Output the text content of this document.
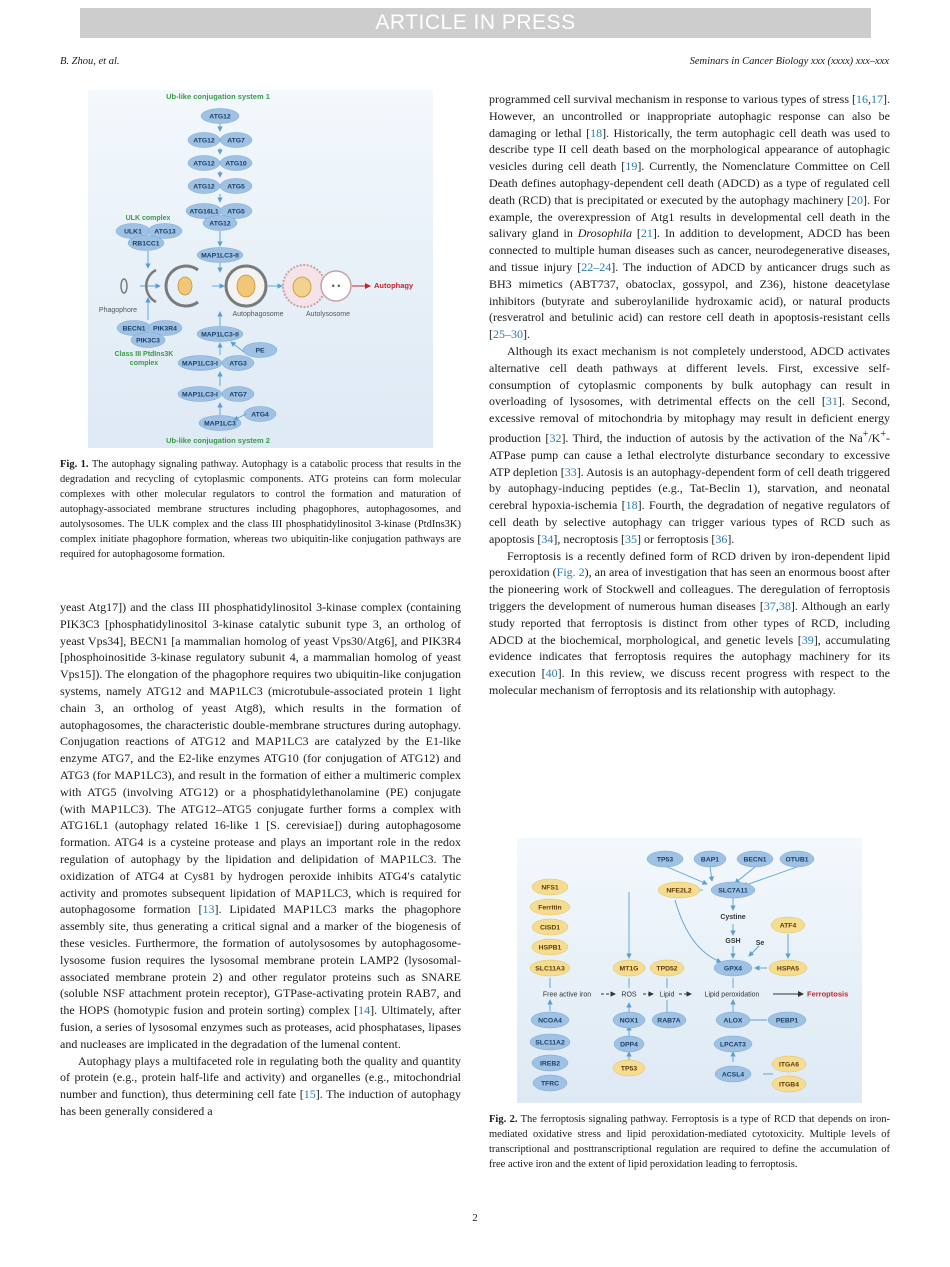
ARTICLE IN PRESS
B. Zhou, et al.	Seminars in Cancer Biology xxx (xxxx) xxx–xxx
Ub-like conjugation system 1
ATG12
ATG12 ATG7
ATG12 ATG10
ATG12 ATG5
ATG16L1 ATG5
ATG12
ULK1 ATG13
RB1CC1
MAP1LC3-II
BECN1 PIK3R4
PIK3C3
MAP1LC3-II
PE
MAP1LC3-I ATG3
MAP1LC3-I ATG7
ATG4
MAP1LC3
• •	Autophagy
Phagophore
Autophagosome	Autolysosome
ULK complex
Class III PtdIns3K
complex
Ub-like conjugation system 2
Fig. 1. The autophagy signaling pathway. Autophagy is a catabolic process that results in the degradation and recycling of cytoplasmic components. ATG proteins can form molecular complexes with other molecular regulators to control the formation and maturation of autophagy-associated membrane structures including phagophores, autophagosomes, and autolysosomes. The ULK complex and the class III phosphatidylinositol 3-kinase (PtdIns3K) complex initiate phagophore formation, whereas two ubiquitin-like conjugation pathways are required for autophagosome formation.

yeast Atg17]) and the class III phosphatidylinositol 3-kinase complex (containing PIK3C3 [phosphatidylinositol 3-kinase catalytic subunit type 3, an ortholog of yeast Vps34], BECN1 [a mammalian homolog of yeast Vps30/Atg6], and PIK3R4 [phosphoinositide 3-kinase regulatory subunit 4, a mammalian homolog of yeast Vps15]). The elongation of the phagophore requires two ubiquitin-like conjugation systems, namely ATG12 and MAP1LC3 (microtubule-associated protein 1 light chain 3, an ortholog of yeast Atg8), which results in the formation of autophagosomes, the characteristic double-membrane structures during autophagy. Conjugation reactions of ATG12 and MAP1LC3 are catalyzed by the E1-like enzyme ATG7, and the E2-like enzymes ATG10 (for conjugation of ATG12) and ATG3 (for MAP1LC3), and result in the formation of either a multimeric complex with ATG5 (involving ATG12) or a phosphatidylethanolamine (PE) conjugate (with MAP1LC3). The ATG12–ATG5 conjugate further forms a complex with ATG16L1 (autophagy related 16-like 1 [S. cerevisiae]) during autophagosome formation. ATG4 is a cysteine protease and plays an important role in the redox regulation of autophagy by the lipidation and delipidation of MAP1LC3. The oxidization of ATG4 at Cys81 by hydrogen peroxide inhibits ATG4′s catalytic activity and promotes subsequent lipidation of MAP1LC3, which is required for autophagosome formation [13]. Lipidated MAP1LC3 marks the phagophore assembly site, thus generating a critical signal and a marker of the biogenesis of these vesicles. Furthermore, the formation of autolysosomes by autophagosome-lysosome fusion requires the lysosomal membrane protein LAMP2 (lysosomal-associated membrane protein 2) and other regulator proteins such as SNARE (soluble NSF attachment protein receptor), GTPase-activating protein RAB7, and the HOPS (homotypic fusion and protein sorting) complex [14]. Ultimately, after fusion, a series of lysosomal enzymes such as proteases, acid phosphatases, lipases and nucleases are implicated in the degradation of the lumenal content.

Autophagy plays a multifaceted role in regulating both the quality and quantity of protein (e.g., protein half-life and activity) and organelles (e.g., mitochondrial number and function), thus determining cell fate [15]. The induction of autophagy has been generally considered a

programmed cell survival mechanism in response to various types of stress [16,17]. However, an uncontrolled or inappropriate autophagic response can also be damaging or lethal [18]. Historically, the term autophagic cell death was used to describe type II cell death based on the morphological appearance of autophagic vesicles during cell death [19]. Currently, the Nomenclature Committee on Cell Death defines autophagy-dependent cell death (ADCD) as a type of regulated cell death (RCD) that is precipitated or executed by the autophagy machinery [20]. For example, the overexpression of Atg1 results in developmental cell death in the salivary gland in Drosophila [21]. In addition to development, ADCD has been connected to multiple human diseases such as cancer, neurodegenerative diseases, and tissue injury [22–24]. The induction of ADCD by anticancer drugs such as BH3 mimetics (ABT737, obatoclax, gossypol, and Z36), histone deacetylase inhibitors (butyrate and suberoylanilide hydroxamic acid), or natural products (resveratrol and betulinic acid) can restore cell death in apoptosis-resistant cells [25–30].

Although its exact mechanism is not completely understood, ADCD activates alternative cell death pathways at different levels. First, excessive self-consumption of cytoplasmic components by bulk autophagy can result in overloading of lysosomes, with detrimental effects on the cell [31]. Second, excessive removal of mitochondria by mitophagy may result in deficient energy production [32]. Third, the induction of autosis by the activation of the Na+/K+-ATPase pump can cause a lethal electrolyte disturbance secondary to excessive ATP depletion [33]. Autosis is an autophagy-dependent form of cell death triggered by autophagy-inducing peptides (e.g., Tat-Beclin 1), starvation, and neonatal cerebral hypoxia-ischemia [18]. Fourth, the degradation of negative regulators of cell death by selective autophagy can trigger various types of RCD such as apoptosis [34], necroptosis [35] or ferroptosis [36].

Ferroptosis is a recently defined form of RCD driven by iron-dependent lipid peroxidation (Fig. 2), an area of investigation that has seen an enormous boost after the pioneering work of Stockwell and colleagues. The deregulation of ferroptosis triggers the development of numerous human diseases [37,38]. Although an early study reported that ferroptosis is distinct from other types of RCD, including ADCD at the biochemical, morphological, and genetic levels [39], accumulating evidence indicates that ferroptosis requires the autophagy machinery for its execution [40]. In this review, we discuss recent progress with respect to the molecular mechanism of ferroptosis and its relationship with autophagy.

TP53	BAP1	BECN1	OTUB1
SLC7A11
GPX4
NCOA4	NOX1	RAB7A	ALOX	PEBP1
SLC11A2	DPP4	LPCAT3
IREB2
TFRC
ACSL4
NFS1
Ferritin
CISD1
HSPB1
SLC11A3
NFE2L2
ATF4
MT1G	TPD52	HSPA5
TP53
ITGA6
ITGB4
Cystine
GSH Se
Free active iron	ROS	Lipid	Lipid peroxidation	Ferroptosis
Fig. 2. The ferroptosis signaling pathway. Ferroptosis is a type of RCD that depends on iron-mediated oxidative stress and lipid peroxidation-mediated cytotoxicity. Multiple levels of transcriptional and posttranscriptional regulation are required to define the accumulation of free active iron and the extent of lipid peroxidation leading to ferroptosis.
2
